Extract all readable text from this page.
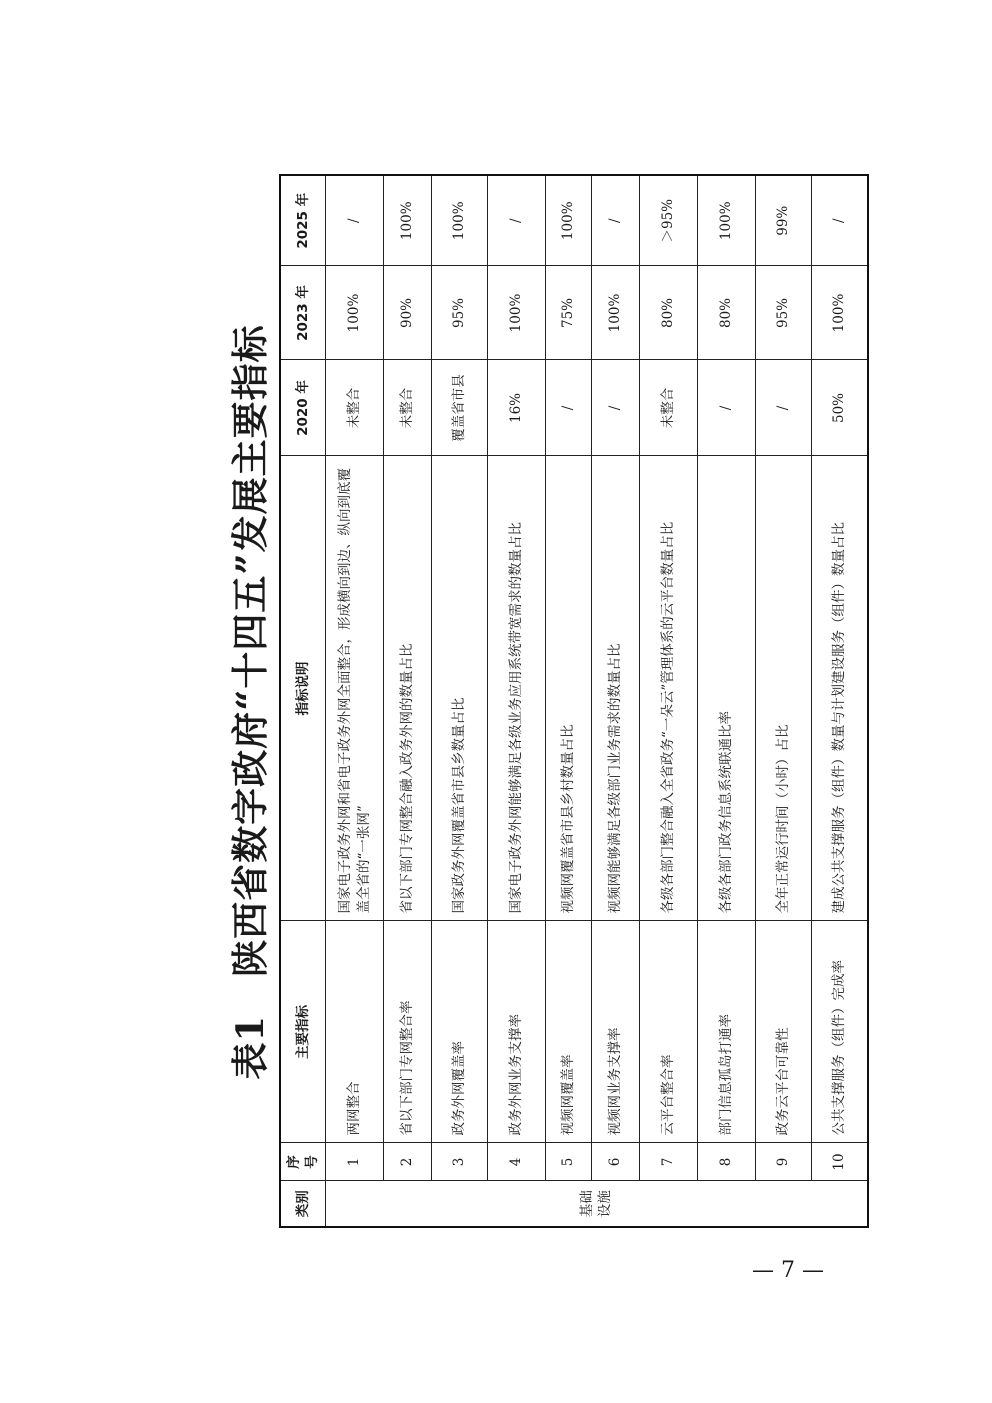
表1　陕西省数字政府“十四五”发展主要指标
类别	序号	主要指标	指标说明	2020 年	2023 年	2025 年
基础设施	1	两网整合	国家电子政务外网和省电子政务外网全面整合，形成横向到边、纵向到底覆盖全省的“一张网”	未整合	100%	/
	2	省以下部门专网整合率	省以下部门专网整合融入政务外网的数量占比	未整合	90%	100%
	3	政务外网覆盖率	国家政务外网覆盖省市县乡数量占比	覆盖省市县	95%	100%
	4	政务外网业务支撑率	国家电子政务外网能够满足各级业务应用系统带宽需求的数量占比	16%	100%	/
	5	视频网覆盖率	视频网覆盖省市县乡村数量占比	/	75%	100%
	6	视频网业务支撑率	视频网能够满足各级部门业务需求的数量占比	/	100%	/
	7	云平台整合率	各级各部门整合融入全省政务“一朵云”管理体系的云平台数量占比	未整合	80%	＞95%
	8	部门信息孤岛打通率	各级各部门政务信息系统联通比率	/	80%	100%
	9	政务云平台可靠性	全年正常运行时间（小时）占比	/	95%	99%
	10	公共支撑服务（组件）完成率	建成公共支撑服务（组件）数量与计划建设服务（组件）数量占比	50%	100%	/
— 7 —
